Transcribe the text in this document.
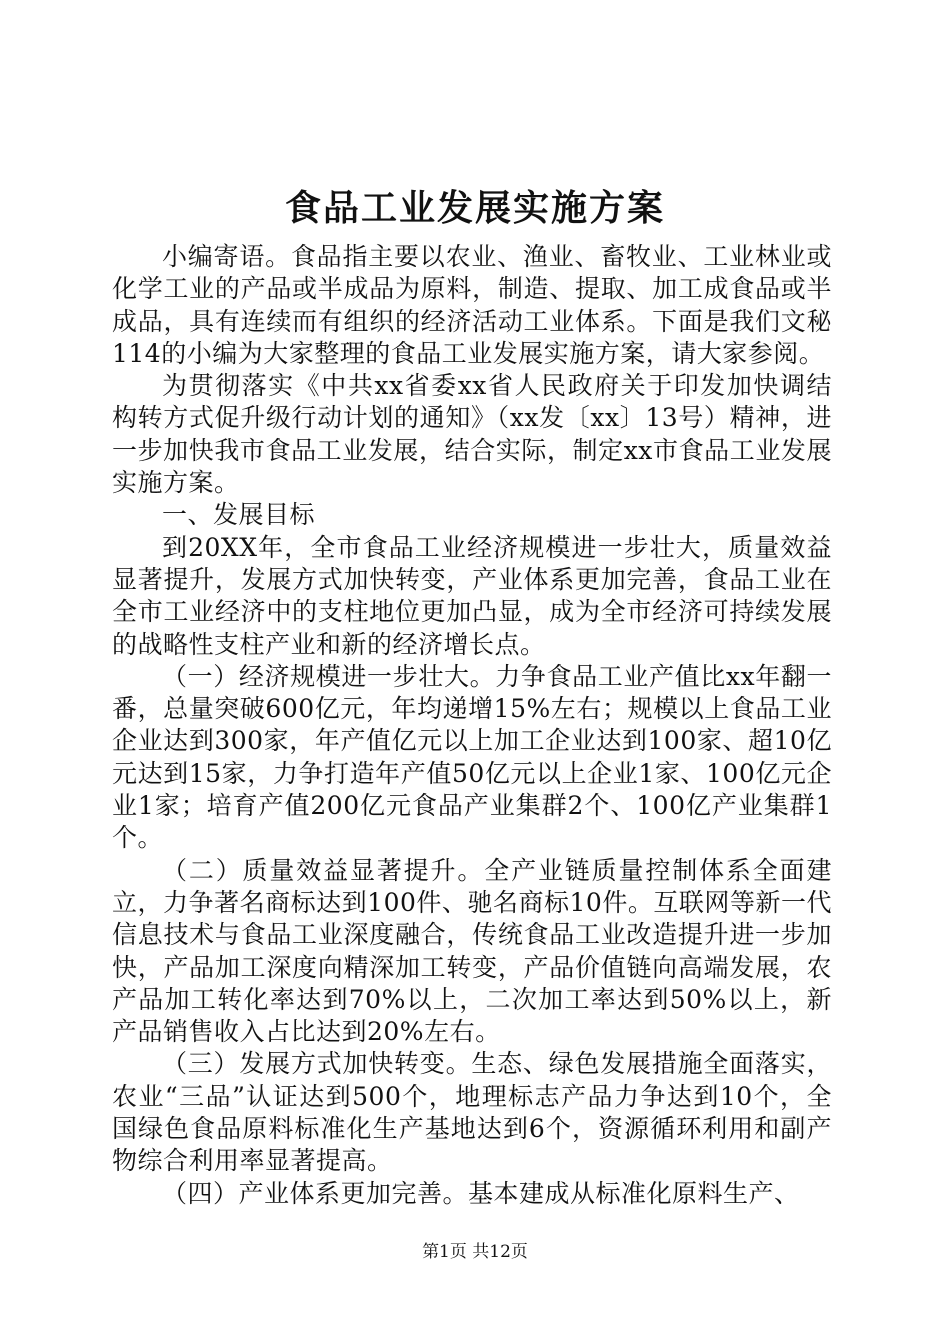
食品工业发展实施方案

小编寄语。食品指主要以农业、渔业、畜牧业、工业林业或化学工业的产品或半成品为原料，制造、提取、加工成食品或半成品，具有连续而有组织的经济活动工业体系。下面是我们文秘114的小编为大家整理的食品工业发展实施方案，请大家参阅。

为贯彻落实《中共xx省委xx省人民政府关于印发加快调结构转方式促升级行动计划的通知》（xx发〔xx〕13号）精神，进一步加快我市食品工业发展，结合实际，制定xx市食品工业发展实施方案。

一、发展目标

到20XX年，全市食品工业经济规模进一步壮大，质量效益显著提升，发展方式加快转变，产业体系更加完善，食品工业在全市工业经济中的支柱地位更加凸显，成为全市经济可持续发展的战略性支柱产业和新的经济增长点。

（一）经济规模进一步壮大。力争食品工业产值比xx年翻一番，总量突破600亿元，年均递增15%左右；规模以上食品工业企业达到300家，年产值亿元以上加工企业达到100家、超10亿元达到15家，力争打造年产值50亿元以上企业1家、100亿元企业1家；培育产值200亿元食品产业集群2个、100亿产业集群1个。

（二）质量效益显著提升。全产业链质量控制体系全面建立，力争著名商标达到100件、驰名商标10件。互联网等新一代信息技术与食品工业深度融合，传统食品工业改造提升进一步加快，产品加工深度向精深加工转变，产品价值链向高端发展，农产品加工转化率达到70%以上，二次加工率达到50%以上，新产品销售收入占比达到20%左右。

（三）发展方式加快转变。生态、绿色发展措施全面落实，农业“三品”认证达到500个，地理标志产品力争达到10个，全国绿色食品原料标准化生产基地达到6个，资源循环利用和副产物综合利用率显著提高。

（四）产业体系更加完善。基本建成从标准化原料生产、

第1页 共12页
